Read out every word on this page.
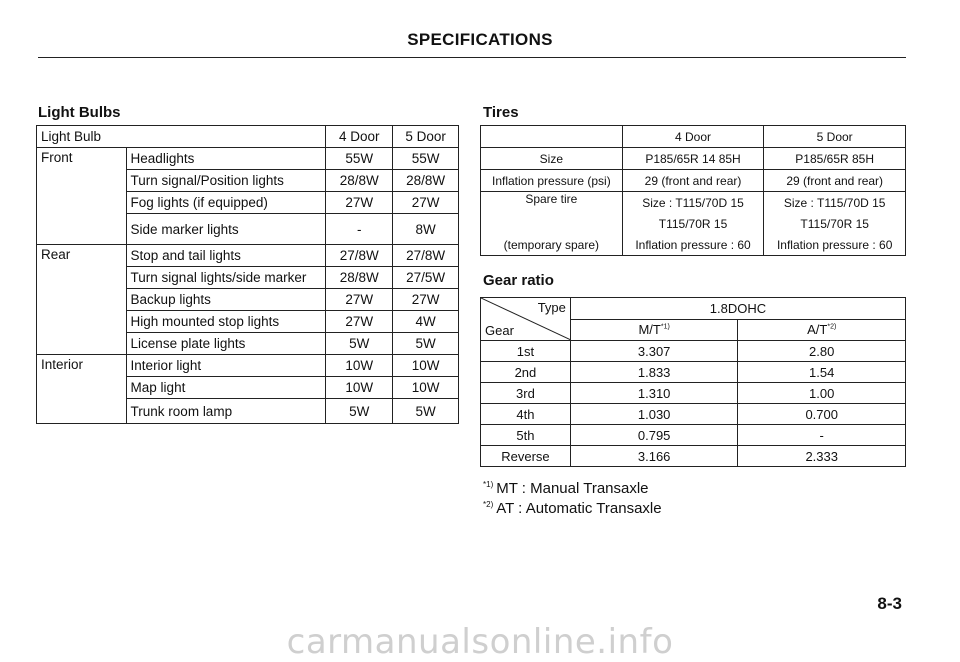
SPECIFICATIONS
Light Bulbs
Light Bulb		4 Door	5 Door
Front	Headlights	55W	55W
	Turn signal/Position lights	28/8W	28/8W
	Fog lights (if equipped)	27W	27W
	Side marker lights	-	8W
Rear	Stop and tail lights	27/8W	27/8W
	Turn signal lights/side marker	28/8W	27/5W
	Backup lights	27W	27W
	High mounted stop lights	27W	4W
	License plate lights	5W	5W
Interior	Interior light	10W	10W
	Map light	10W	10W
	Trunk room lamp	5W	5W
Tires
	4 Door	5 Door
Size	P185/65R 14 85H	P185/65R 85H
Inflation pressure (psi)	29 (front and rear)	29 (front and rear)
Spare tire	Size : T115/70D 15	Size : T115/70D 15
	T115/70R 15	T115/70R 15
(temporary spare)	Inflation pressure : 60	Inflation pressure : 60
Gear ratio
Type
Gear	1.8DOHC	
	$M/T^{*1)}$	$A/T^{*2)}$
1st	3.307	2.80
2nd	1.833	1.54
3rd	1.310	1.00
4th	1.030	0.700
5th	0.795	-
Reverse	3.166	2.333
$^{*1)}$ MT : Manual Transaxle
$^{*2)}$ AT : Automatic Transaxle
8-3
carmanualsonline.info
